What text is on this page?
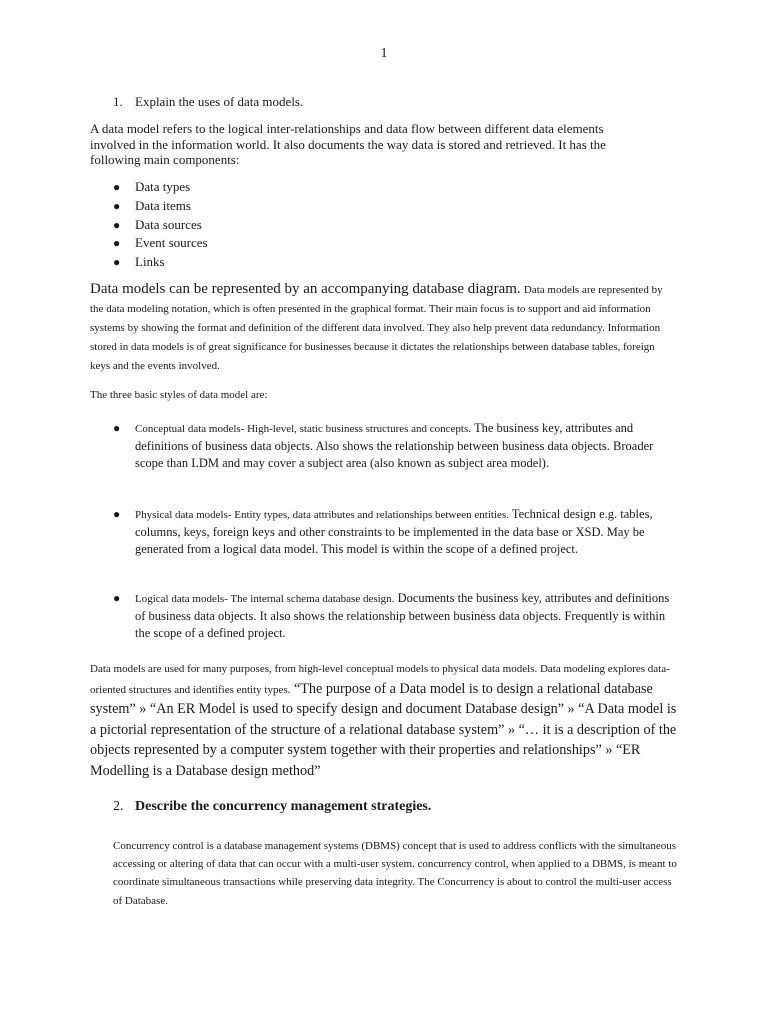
1
1. Explain the uses of data models.
A data model refers to the logical inter-relationships and data flow between different data elements involved in the information world. It also documents the way data is stored and retrieved. It has the following main components:
● Data types
● Data items
● Data sources
● Event sources
● Links
Data models can be represented by an accompanying database diagram. Data models are represented by the data modeling notation, which is often presented in the graphical format. Their main focus is to support and aid information systems by showing the format and definition of the different data involved. They also help prevent data redundancy. Information stored in data models is of great significance for businesses because it dictates the relationships between database tables, foreign keys and the events involved.
The three basic styles of data model are:
● Conceptual data models- High-level, static business structures and concepts. The business key, attributes and definitions of business data objects. Also shows the relationship between business data objects. Broader scope than LDM and may cover a subject area (also known as subject area model).
● Physical data models- Entity types, data attributes and relationships between entities. Technical design e.g. tables, columns, keys, foreign keys and other constraints to be implemented in the data base or XSD. May be generated from a logical data model. This model is within the scope of a defined project.
● Logical data models- The internal schema database design. Documents the business key, attributes and definitions of business data objects. It also shows the relationship between business data objects. Frequently is within the scope of a defined project.
Data models are used for many purposes, from high-level conceptual models to physical data models. Data modeling explores data-oriented structures and identifies entity types. “The purpose of a Data model is to design a relational database system” » “An ER Model is used to specify design and document Database design” » “A Data model is a pictorial representation of the structure of a relational database system” » “… it is a description of the objects represented by a computer system together with their properties and relationships” » “ER Modelling is a Database design method”
2. Describe the concurrency management strategies.
Concurrency control is a database management systems (DBMS) concept that is used to address conflicts with the simultaneous accessing or altering of data that can occur with a multi-user system. concurrency control, when applied to a DBMS, is meant to coordinate simultaneous transactions while preserving data integrity. The Concurrency is about to control the multi-user access of Database.
